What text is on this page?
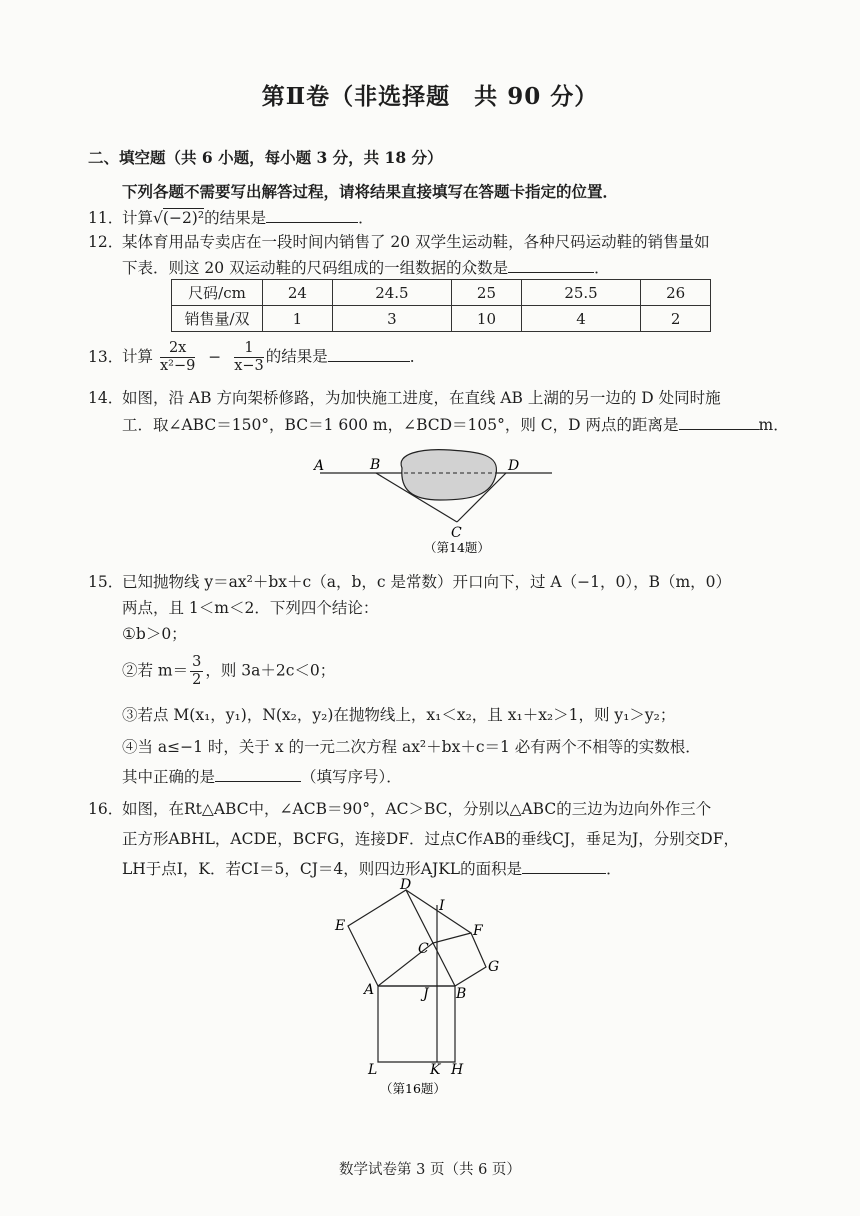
第Ⅱ卷（非选择题　共 90 分）
二、填空题（共 6 小题，每小题 3 分，共 18 分）
下列各题不需要写出解答过程，请将结果直接填写在答题卡指定的位置．
11．计算√(−2)²的结果是	．
12．某体育用品专卖店在一段时间内销售了 20 双学生运动鞋，各种尺码运动鞋的销售量如
下表．则这 20 双运动鞋的尺码组成的一组数据的众数是	．
尺码/cm	24	24.5	25	25.5	26
销售量/双	1	3	10	4	2
13．计算 $\frac{2x}{\text{x²−9}} - \frac{1}{x-3}$ 的结果是	．
14．如图，沿 AB 方向架桥修路，为加快施工进度，在直线 AB 上湖的另一边的 D 处同时施
工．取∠ABC＝150°，BC＝1 600 m，∠BCD＝105°，则 C，D 两点的距离是	m．
A	B	D
C
（第14题）
15．已知抛物线 y＝ax²＋bx＋c（a，b，c 是常数）开口向下，过 A（−1，0），B（m，0）
两点，且 1＜m＜2．下列四个结论：
①b＞0；
②若 $m= \frac{3}{2}$ ，则 3a＋2c＜0；
③若点 M(x₁，y₁)，N(x₂，y₂)在抛物线上，x₁＜x₂，且 x₁＋x₂＞1，则 y₁＞y₂；
④当 a≤−1 时，关于 x 的一元二次方程 ax²＋bx＋c＝1 必有两个不相等的实数根．
其中正确的是	（填写序号）．
16．如图，在Rt△ABC中，∠ACB＝90°，AC＞BC，分别以△ABC的三边为边向外作三个
正方形ABHL，ACDE，BCFG，连接DF．过点C作AB的垂线CJ，垂足为J，分别交DF，
LH于点I，K．若CI＝5，CJ＝4，则四边形AJKL的面积是	．
D
I
E	F
C
G
A	J B
L	K H
（第16题）
数学试卷第 3 页（共 6 页）
